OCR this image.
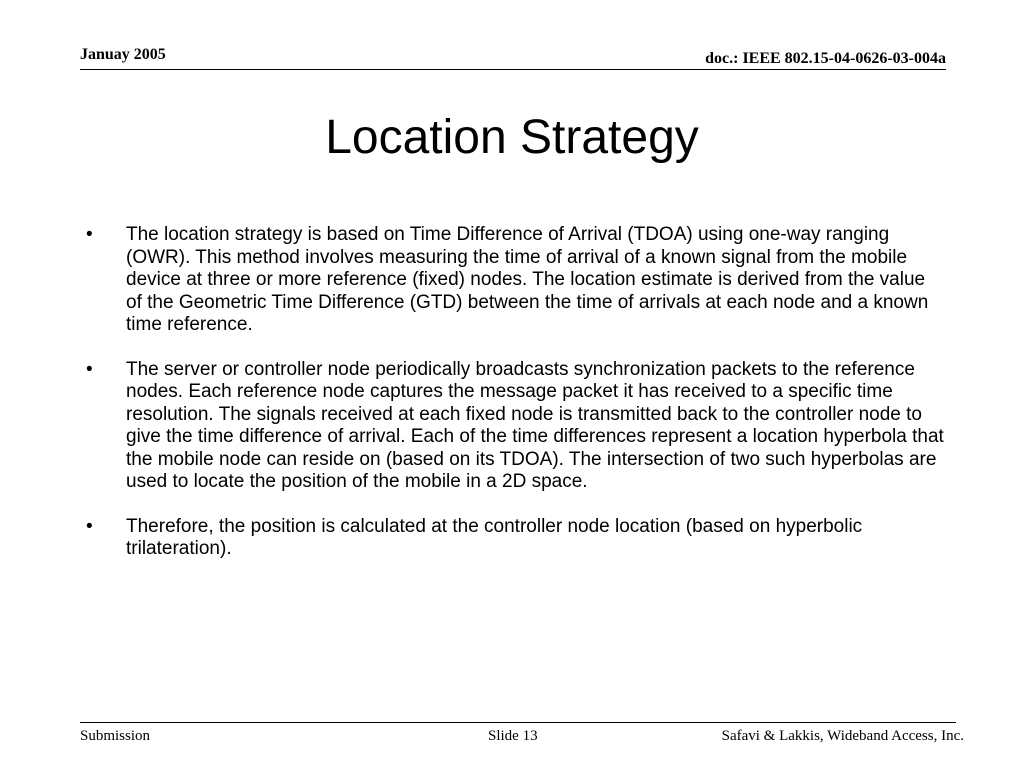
Januay 2005	doc.: IEEE 802.15-04-0626-03-004a
Location Strategy
• The location strategy is based on Time Difference of Arrival (TDOA) using one-way ranging (OWR). This method involves measuring the time of arrival of a known signal from the mobile device at three or more reference (fixed) nodes. The location estimate is derived from the value of the Geometric Time Difference (GTD) between the time of arrivals at each node and a known time reference.
• The server or controller node periodically broadcasts synchronization packets to the reference nodes. Each reference node captures the message packet it has received to a specific time resolution. The signals received at each fixed node is transmitted back to the controller node to give the time difference of arrival. Each of the time differences represent a location hyperbola that the mobile node can reside on (based on its TDOA). The intersection of two such hyperbolas are used to locate the position of the mobile in a 2D space.
• Therefore, the position is calculated at the controller node location (based on hyperbolic trilateration).
Submission	Slide 13	Safavi & Lakkis, Wideband Access, Inc.
